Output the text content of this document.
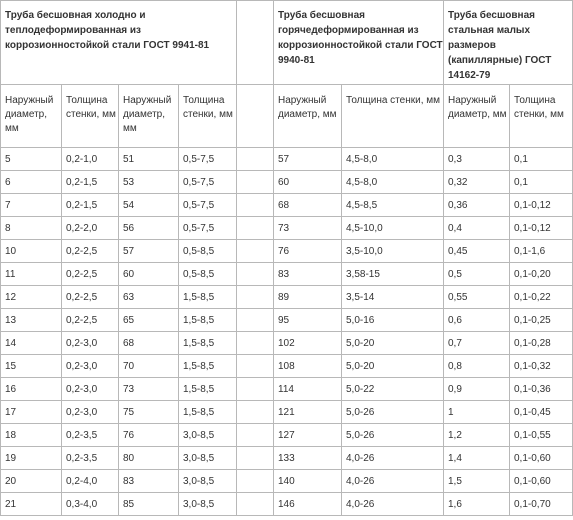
Труба бесшовная холодно и теплодеформированная из коррозионностойкой стали ГОСТ 9941-81					Труба бесшовная горячедеформированная из коррозионностойкой стали ГОСТ 9940-81		Труба бесшовная стальная малых размеров (капиллярные) ГОСТ 14162-79	
Наружный диаметр, мм	Толщина стенки, мм	Наружный диаметр, мм	Толщина стенки, мм		Наружный диаметр, мм	Толщина стенки, мм	Наружный диаметр, мм	Толщина стенки, мм
5	0,2-1,0	51	0,5-7,5		57	4,5-8,0	0,3	0,1
6	0,2-1,5	53	0,5-7,5		60	4,5-8,0	0,32	0,1
7	0,2-1,5	54	0,5-7,5		68	4,5-8,5	0,36	0,1-0,12
8	0,2-2,0	56	0,5-7,5		73	4,5-10,0	0,4	0,1-0,12
10	0,2-2,5	57	0,5-8,5		76	3,5-10,0	0,45	0,1-1,6
11	0,2-2,5	60	0,5-8,5		83	3,58-15	0,5	0,1-0,20
12	0,2-2,5	63	1,5-8,5		89	3,5-14	0,55	0,1-0,22
13	0,2-2,5	65	1,5-8,5		95	5,0-16	0,6	0,1-0,25
14	0,2-3,0	68	1,5-8,5		102	5,0-20	0,7	0,1-0,28
15	0,2-3,0	70	1,5-8,5		108	5,0-20	0,8	0,1-0,32
16	0,2-3,0	73	1,5-8,5		114	5,0-22	0,9	0,1-0,36
17	0,2-3,0	75	1,5-8,5		121	5,0-26	1	0,1-0,45
18	0,2-3,5	76	3,0-8,5		127	5,0-26	1,2	0,1-0,55
19	0,2-3,5	80	3,0-8,5		133	4,0-26	1,4	0,1-0,60
20	0,2-4,0	83	3,0-8,5		140	4,0-26	1,5	0,1-0,60
21	0,3-4,0	85	3,0-8,5		146	4,0-26	1,6	0,1-0,70
